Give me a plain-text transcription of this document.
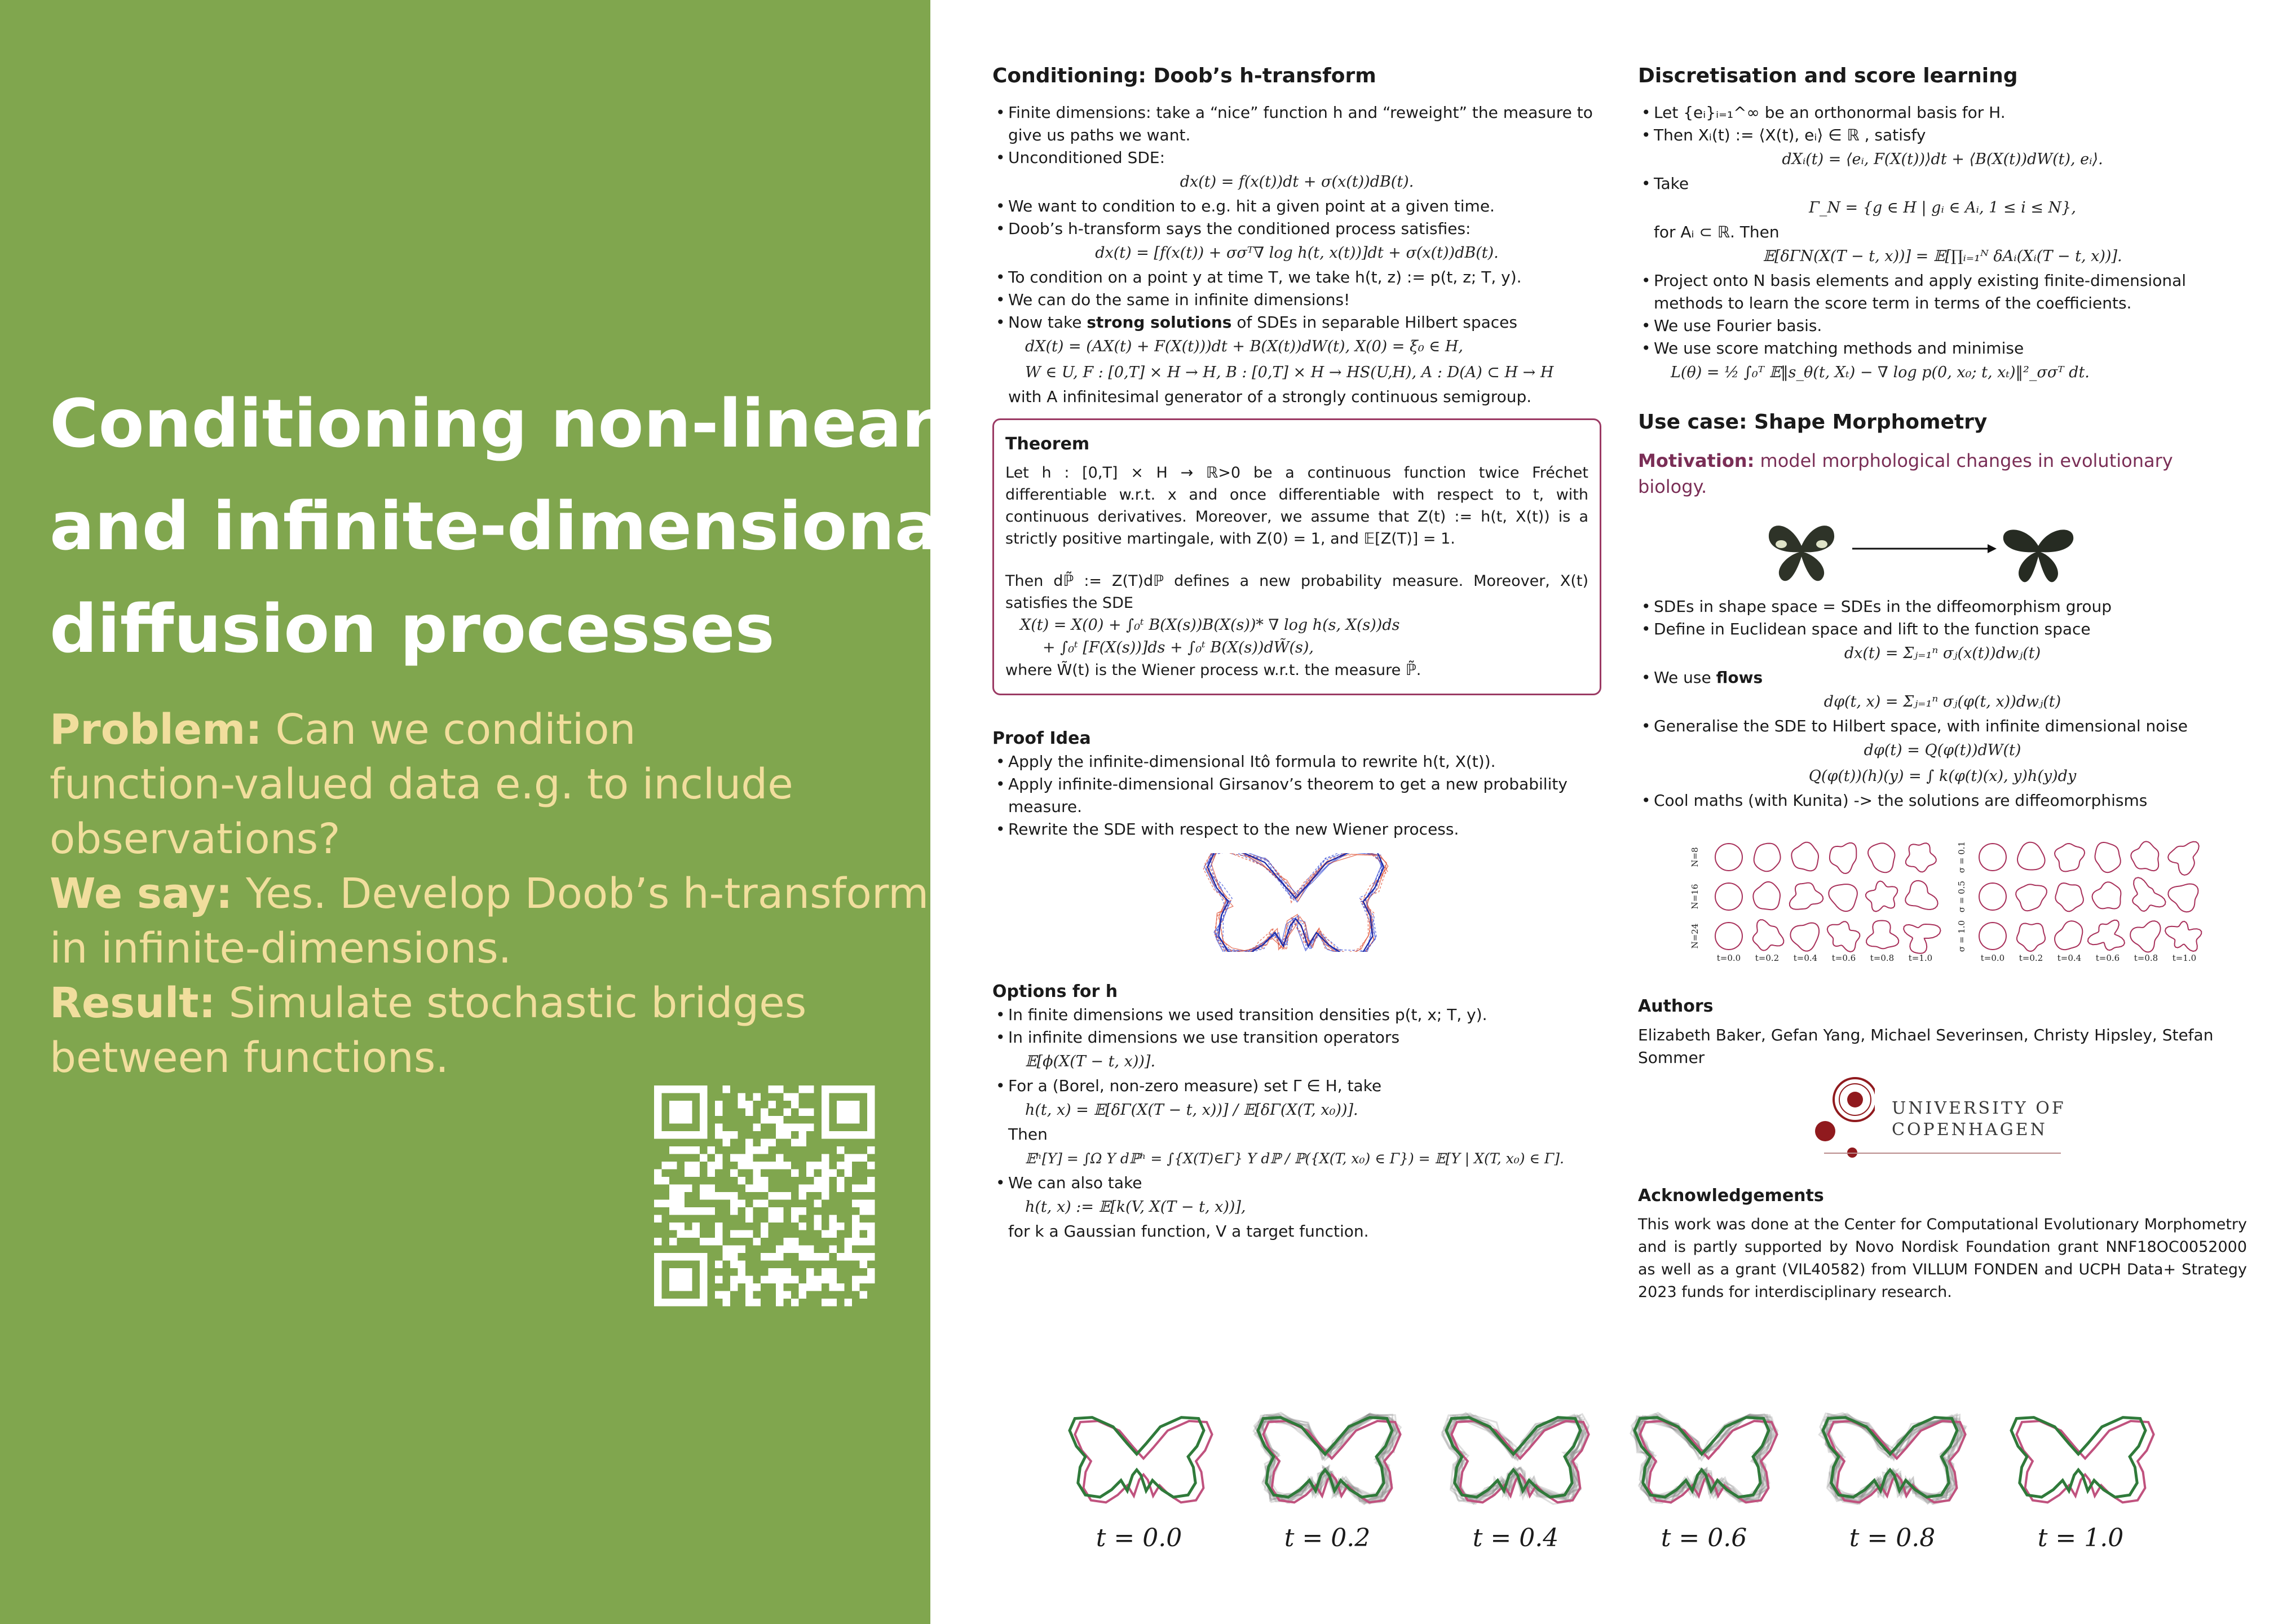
Conditioning non-linear
and infinite-dimensional
diffusion processes
Problem: Can we condition
function-valued data e.g. to include
observations?
We say: Yes. Develop Doob’s h-transform
in infinite-dimensions.
Result: Simulate stochastic bridges
between functions.
Conditioning: Doob’s h-transform
• Finite dimensions: take a “nice” function h and “reweight” the measure to give us paths we want.
• Unconditioned SDE:
dx(t) = f(x(t))dt + σ(x(t))dB(t).
• We want to condition to e.g. hit a given point at a given time.
• Doob’s h-transform says the conditioned process satisfies:
dx(t) = [f(x(t)) + σσᵀ∇ log h(t, x(t))]dt + σ(x(t))dB(t).
• To condition on a point y at time T, we take h(t, z) := p(t, z; T, y).
• We can do the same in infinite dimensions!
• Now take strong solutions of SDEs in separable Hilbert spaces
dX(t) = (AX(t) + F(X(t)))dt + B(X(t))dW(t), X(0) = ξ₀ ∈ H,
W ∈ U, F : [0,T] × H → H, B : [0,T] × H → HS(U,H), A : D(A) ⊂ H → H
with A infinitesimal generator of a strongly continuous semigroup.
Theorem
Let h : [0,T] × H → ℝ>0 be a continuous function twice Fréchet differentiable w.r.t. x and once differentiable with respect to t, with continuous derivatives. Moreover, we assume that Z(t) := h(t, X(t)) is a strictly positive martingale, with Z(0) = 1, and 𝔼[Z(T)] = 1.
Then dℙ̃ := Z(T)dℙ defines a new probability measure. Moreover, X(t) satisfies the SDE
X(t) = X(0) + ∫₀ᵗ B(X(s))B(X(s))* ∇ log h(s, X(s))ds
+ ∫₀ᵗ [F(X(s))]ds + ∫₀ᵗ B(X(s))dW̃(s),
where W̃(t) is the Wiener process w.r.t. the measure ℙ̃.
Proof Idea
• Apply the infinite-dimensional Itô formula to rewrite h(t, X(t)).
• Apply infinite-dimensional Girsanov’s theorem to get a new probability measure.
• Rewrite the SDE with respect to the new Wiener process.
Options for h
• In finite dimensions we used transition densities p(t, x; T, y).
• In infinite dimensions we use transition operators
𝔼[ϕ(X(T − t, x))].
• For a (Borel, non-zero measure) set Γ ∈ H, take
h(t, x) = 𝔼[δΓ(X(T − t, x))] / 𝔼[δΓ(X(T, x₀))].
Then
𝔼ʰ[Y] = ∫Ω Y dℙʰ = ∫{X(T)∈Γ} Y dℙ / ℙ({X(T, x₀) ∈ Γ}) = 𝔼[Y | X(T, x₀) ∈ Γ].
• We can also take
h(t, x) := 𝔼[k(V, X(T − t, x))],
for k a Gaussian function, V a target function.
Discretisation and score learning
• Let {eᵢ}ᵢ₌₁^∞ be an orthonormal basis for H.
• Then Xᵢ(t) := ⟨X(t), eᵢ⟩ ∈ ℝ , satisfy
dXᵢ(t) = ⟨eᵢ, F(X(t))⟩dt + ⟨B(X(t))dW(t), eᵢ⟩.
• Take
Γ_N = {g ∈ H | gᵢ ∈ Aᵢ, 1 ≤ i ≤ N},
for Aᵢ ⊂ ℝ. Then
𝔼[δΓN(X(T − t, x))] = 𝔼[∏ᵢ₌₁ᴺ δAᵢ(Xᵢ(T − t, x))].
• Project onto N basis elements and apply existing finite-dimensional methods to learn the score term in terms of the coefficients.
• We use Fourier basis.
• We use score matching methods and minimise
L(θ) = ½ ∫₀ᵀ 𝔼‖s_θ(t, Xₜ) − ∇ log p(0, x₀; t, xₜ)‖²_σσᵀ dt.
Use case: Shape Morphometry
Motivation: model morphological changes in evolutionary biology.
• SDEs in shape space = SDEs in the diffeomorphism group
• Define in Euclidean space and lift to the function space
dx(t) = Σⱼ₌₁ⁿ σⱼ(x(t))dwⱼ(t)
• We use flows
dφ(t, x) = Σⱼ₌₁ⁿ σⱼ(φ(t, x))dwⱼ(t)
• Generalise the SDE to Hilbert space, with infinite dimensional noise
dφ(t) = Q(φ(t))dW(t)
Q(φ(t))(h)(y) = ∫ k(φ(t)(x), y)h(y)dy
• Cool maths (with Kunita) -> the solutions are diffeomorphisms
t=0.0 t=0.2 t=0.4 t=0.6 t=0.8 t=1.0	t=0.0 t=0.2 t=0.4 t=0.6 t=0.8 t=1.0
N=8
N=16
N=24
σ = 0.1
σ = 0.5
σ = 1.0
Authors
Elizabeth Baker, Gefan Yang, Michael Severinsen, Christy Hipsley, Stefan Sommer
UNIVERSITY OF
COPENHAGEN
Acknowledgements
This work was done at the Center for Computational Evolutionary Morphometry and is partly supported by Novo Nordisk Foundation grant NNF18OC0052000 as well as a grant (VIL40582) from VILLUM FONDEN and UCPH Data+ Strategy 2023 funds for interdisciplinary research.
t = 0.0	t = 0.2	t = 0.4	t = 0.6	t = 0.8	t = 1.0
